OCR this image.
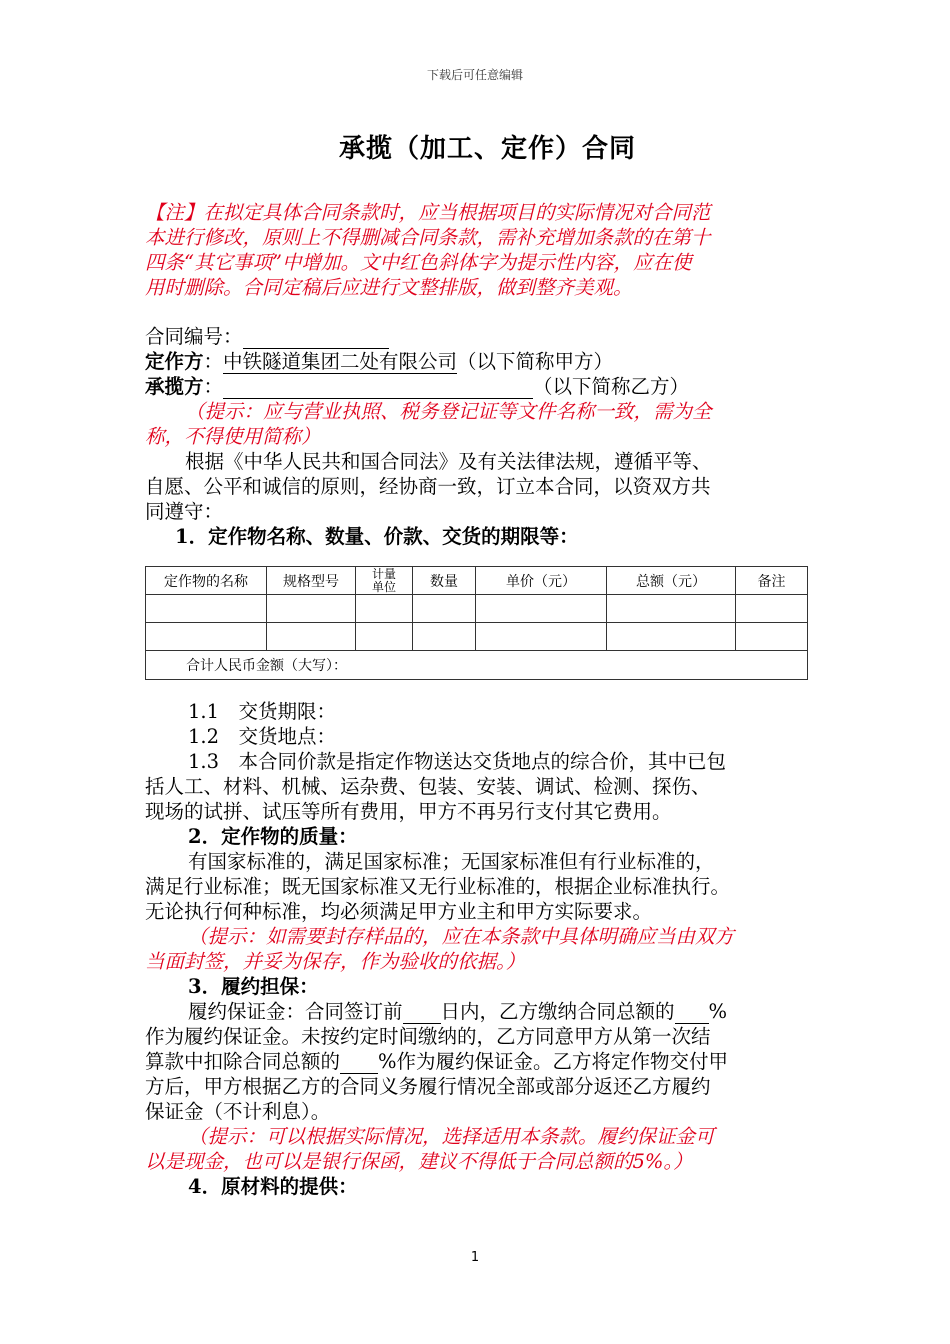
下载后可任意编辑
承揽（加工、定作）合同
【注】在拟定具体合同条款时，应当根据项目的实际情况对合同范
本进行修改，原则上不得删减合同条款，需补充增加条款的在第十
四条“其它事项”中增加。文中红色斜体字为提示性内容，应在使
用时删除。合同定稿后应进行文整排版，做到整齐美观。
合同编号：
定作方：中铁隧道集团二处有限公司（以下简称甲方）
承揽方：	（以下简称乙方）
（提示：应与营业执照、税务登记证等文件名称一致，需为全
称，不得使用简称）
根据《中华人民共和国合同法》及有关法律法规，遵循平等、
自愿、公平和诚信的原则，经协商一致，订立本合同，以资双方共
同遵守：
1．定作物名称、数量、价款、交货的期限等：
定作物的名称	规格型号	计量
单位	数量	单价（元）	总额（元）	备注

合计人民币金额（大写）：						
1.1　交货期限：
1.2　交货地点：
1.3　本合同价款是指定作物送达交货地点的综合价，其中已包
括人工、材料、机械、运杂费、包装、安装、调试、检测、探伤、
现场的试拼、试压等所有费用，甲方不再另行支付其它费用。
2．定作物的质量：
有国家标准的，满足国家标准；无国家标准但有行业标准的，
满足行业标准；既无国家标准又无行业标准的，根据企业标准执行。
无论执行何种标准，均必须满足甲方业主和甲方实际要求。
（提示：如需要封存样品的，应在本条款中具体明确应当由双方
当面封签，并妥为保存，作为验收的依据。）
3．履约担保：
履约保证金：合同签订前 日内，乙方缴纳合同总额的 %
作为履约保证金。未按约定时间缴纳的，乙方同意甲方从第一次结
算款中扣除合同总额的 %作为履约保证金。乙方将定作物交付甲
方后，甲方根据乙方的合同义务履行情况全部或部分返还乙方履约
保证金（不计利息）。
（提示：可以根据实际情况，选择适用本条款。履约保证金可
以是现金，也可以是银行保函，建议不得低于合同总额的5%。）
4．原材料的提供：
1
